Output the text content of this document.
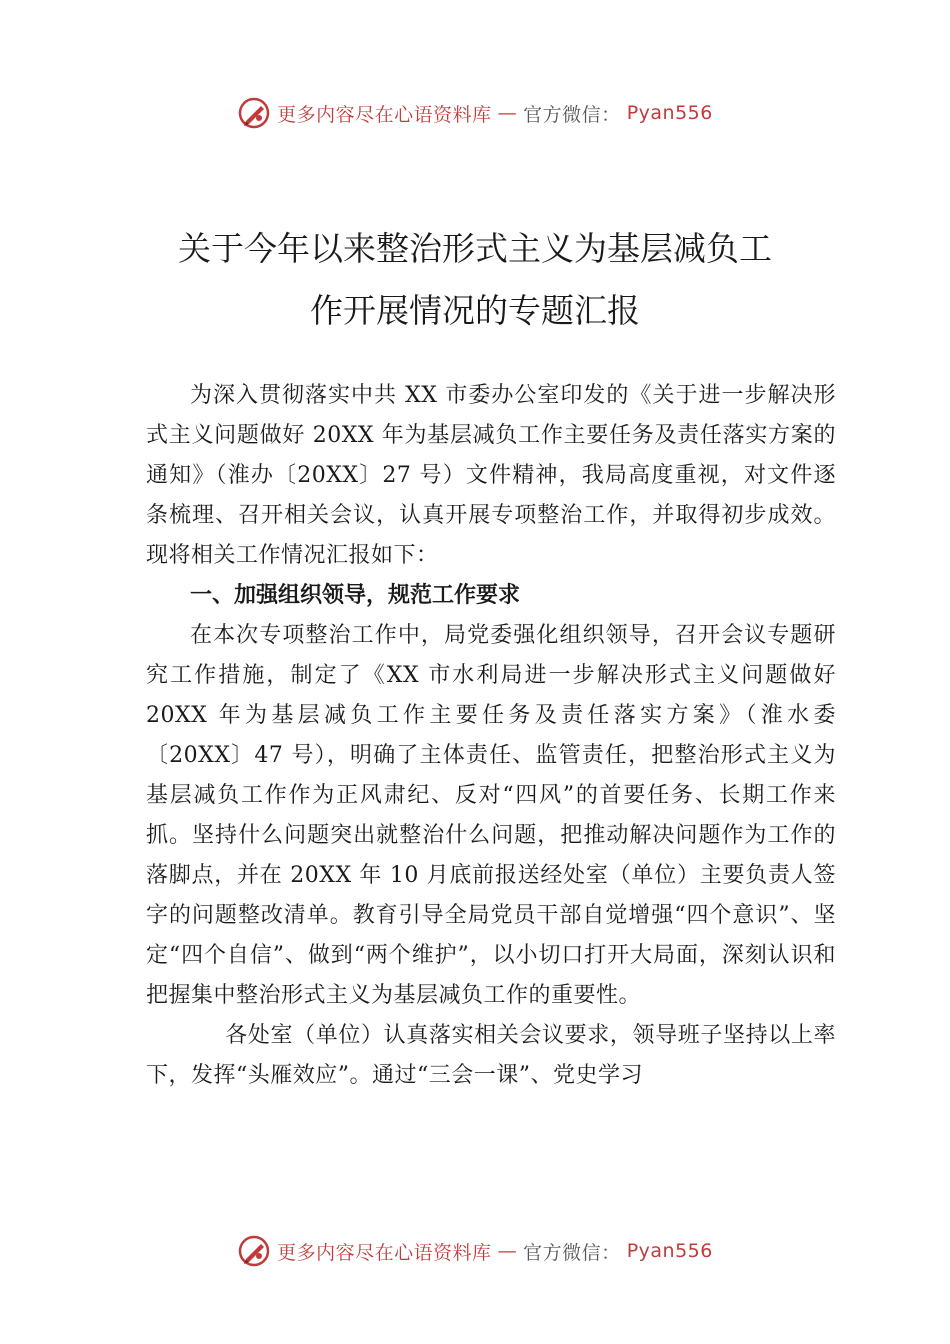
更多内容尽在心语资料库 — 官方微信： Pyan556
关于今年以来整治形式主义为基层减负工
作开展情况的专题汇报

为深入贯彻落实中共 XX 市委办公室印发的《关于进一步解决形式主义问题做好 20XX 年为基层减负工作主要任务及责任落实方案的通知》（淮办〔20XX〕27 号）文件精神，我局高度重视，对文件逐条梳理、召开相关会议，认真开展专项整治工作，并取得初步成效。现将相关工作情况汇报如下：

一、加强组织领导，规范工作要求

在本次专项整治工作中，局党委强化组织领导，召开会议专题研究工作措施，制定了《XX 市水利局进一步解决形式主义问题做好 20XX 年为基层减负工作主要任务及责任落实方案》（淮水委〔20XX〕47 号），明确了主体责任、监管责任，把整治形式主义为基层减负工作作为正风肃纪、反对“四风”的首要任务、长期工作来抓。坚持什么问题突出就整治什么问题，把推动解决问题作为工作的落脚点，并在 20XX 年 10 月底前报送经处室（单位）主要负责人签字的问题整改清单。教育引导全局党员干部自觉增强“四个意识”、坚定“四个自信”、做到“两个维护”，以小切口打开大局面，深刻认识和把握集中整治形式主义为基层减负工作的重要性。

各处室（单位）认真落实相关会议要求，领导班子坚持以上率下，发挥“头雁效应”。通过“三会一课”、党史学习

更多内容尽在心语资料库 — 官方微信： Pyan556
